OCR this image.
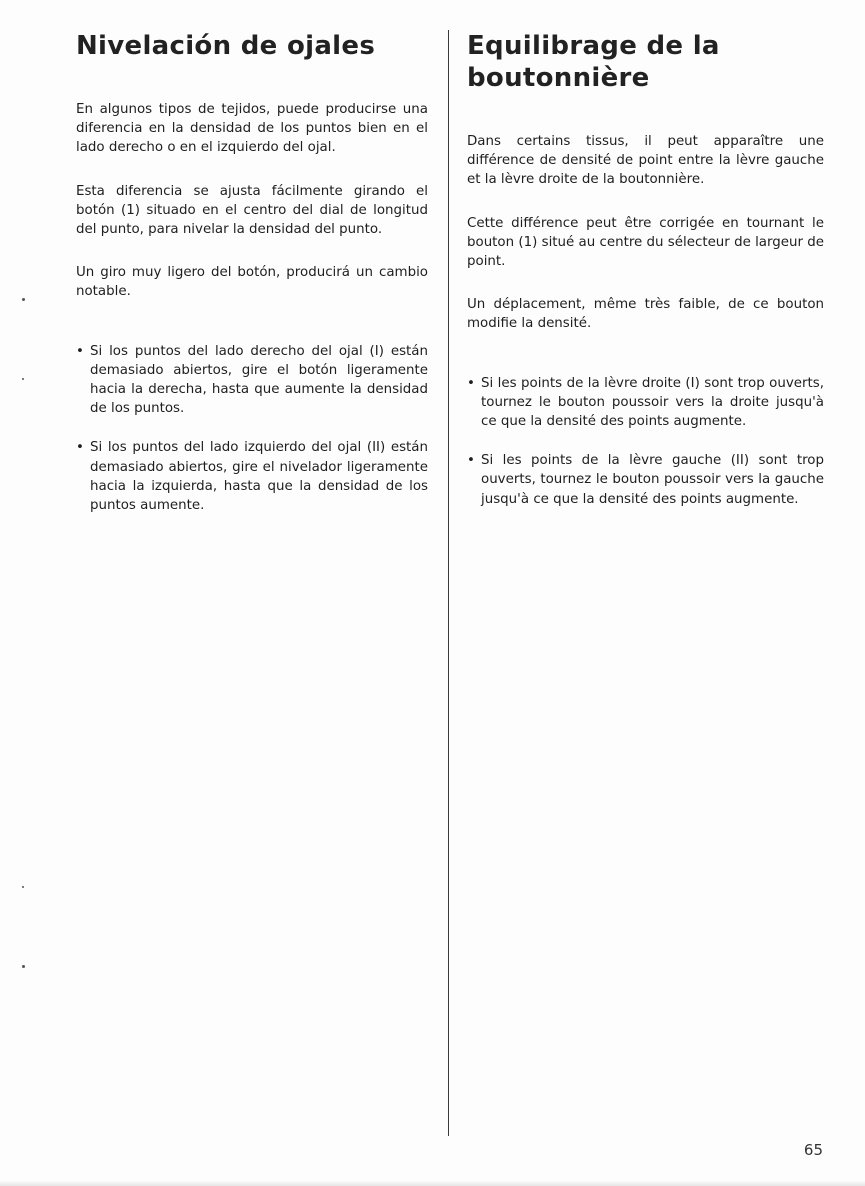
Nivelación de ojales

En algunos tipos de tejidos, puede producirse una diferencia en la densidad de los puntos bien en el lado derecho o en el izquierdo del ojal.

Esta diferencia se ajusta fácilmente girando el botón (1) situado en el centro del dial de longitud del punto, para nivelar la densidad del punto.

Un giro muy ligero del botón, producirá un cambio notable.

• Si los puntos del lado derecho del ojal (I) están demasiado abiertos, gire el botón ligeramente hacia la derecha, hasta que aumente la densidad de los puntos.
• Si los puntos del lado izquierdo del ojal (II) están demasiado abiertos, gire el nivelador ligeramente hacia la izquierda, hasta que la densidad de los puntos aumente.
Equilibrage de la boutonnière

Dans certains tissus, il peut apparaître une différence de densité de point entre la lèvre gauche et la lèvre droite de la boutonnière.

Cette différence peut être corrigée en tournant le bouton (1) situé au centre du sélecteur de largeur de point.

Un déplacement, même très faible, de ce bouton modifie la densité.

• Si les points de la lèvre droite (I) sont trop ouverts, tournez le bouton poussoir vers la droite jusqu'à ce que la densité des points augmente.
• Si les points de la lèvre gauche (II) sont trop ouverts, tournez le bouton poussoir vers la gauche jusqu'à ce que la densité des points augmente.
65
